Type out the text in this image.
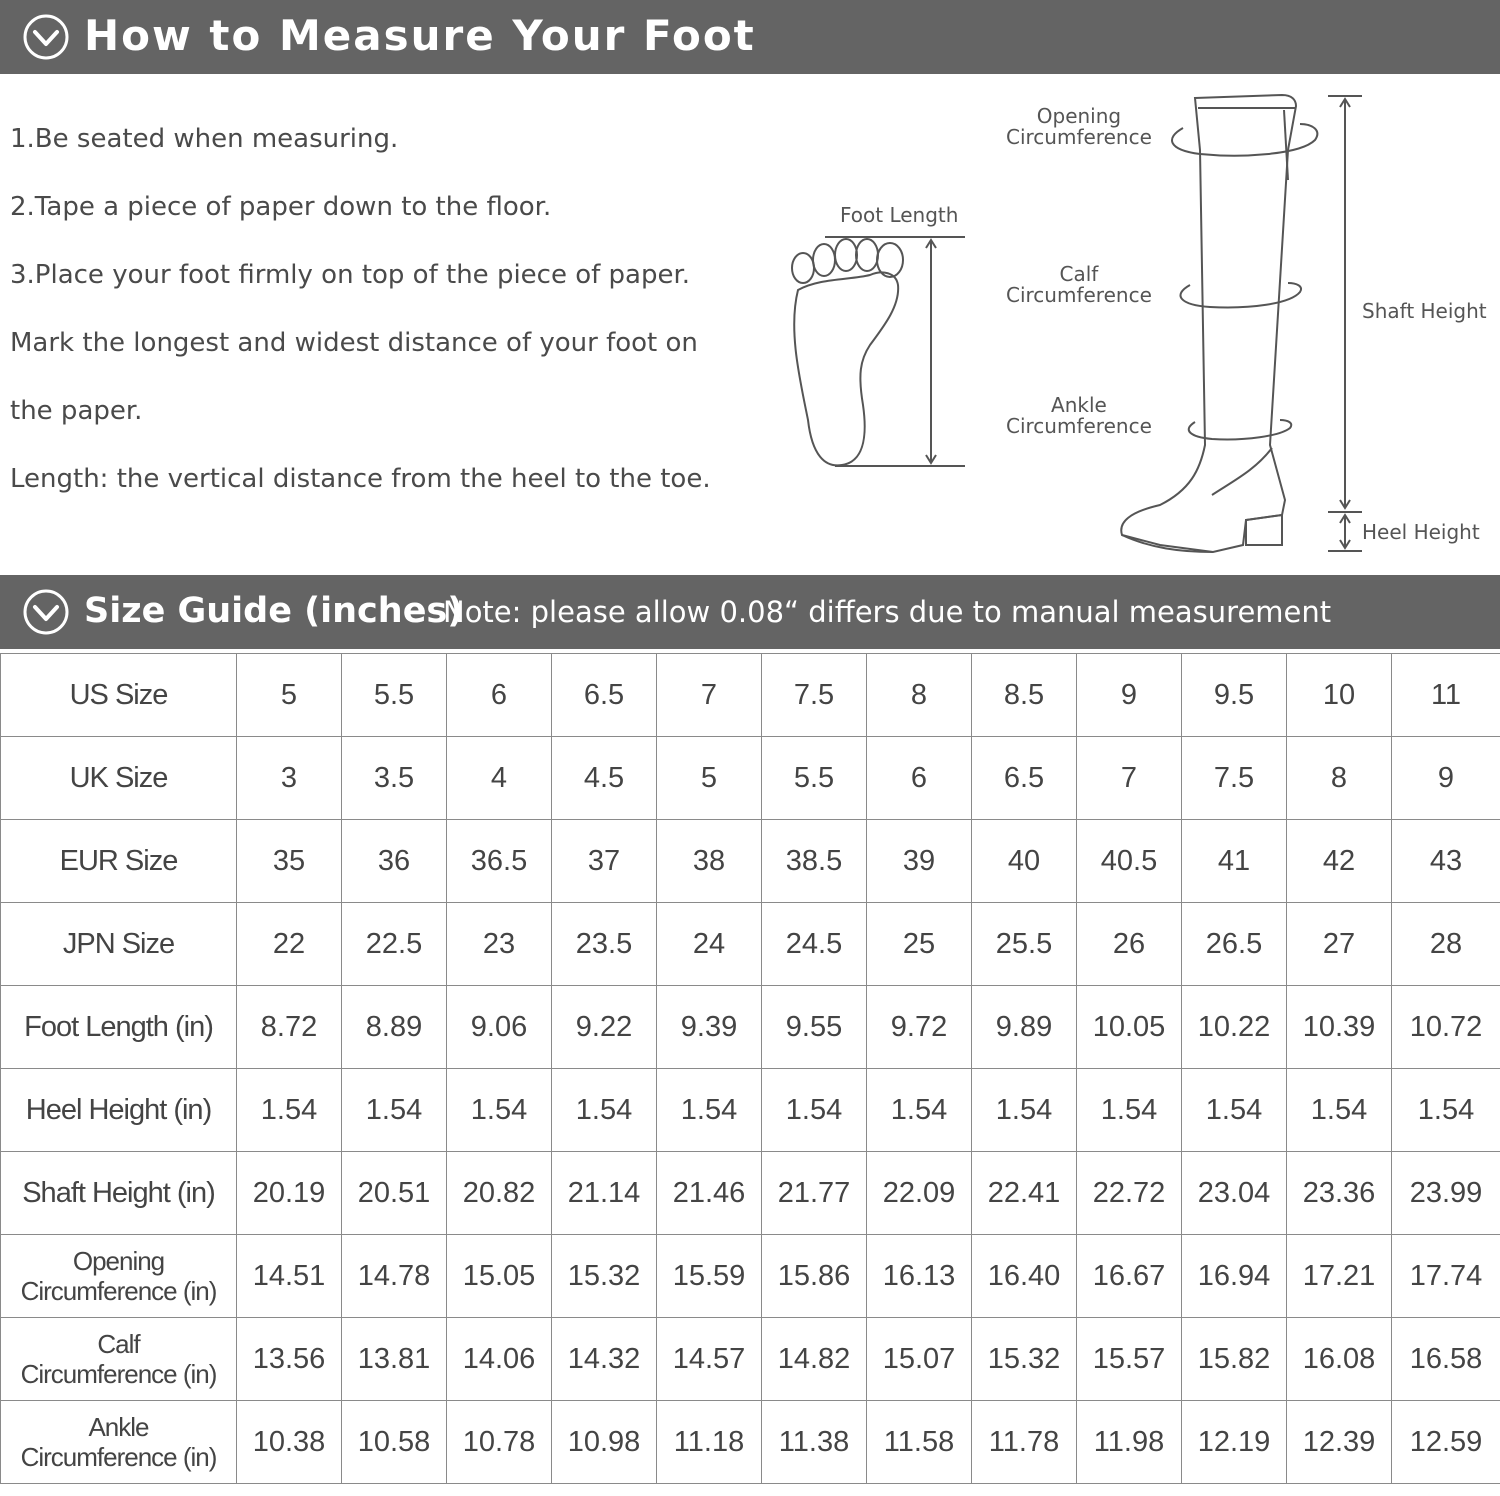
How to Measure Your Foot
1.Be seated when measuring.
2.Tape a piece of paper down to the floor.
3.Place your foot firmly on top of the piece of paper.
Mark the longest and widest distance of your foot on
the paper.
Length: the vertical distance from the heel to the toe.
Foot Length
Opening
Circumference
Calf
Circumference
Ankle
Circumference
Shaft Height
Heel Height
Size Guide (inches)
Note: please allow 0.08“ differs due to manual measurement
US Size	5	5.5	6	6.5	7	7.5	8	8.5	9	9.5	10	11

UK Size	3	3.5	4	4.5	5	5.5	6	6.5	7	7.5	8	9

EUR Size	35	36	36.5	37	38	38.5	39	40	40.5	41	42	43

JPN Size	22	22.5	23	23.5	24	24.5	25	25.5	26	26.5	27	28

Foot Length (in)	8.72	8.89	9.06	9.22	9.39	9.55	9.72	9.89	10.05	10.22	10.39	10.72

Heel Height (in)	1.54	1.54	1.54	1.54	1.54	1.54	1.54	1.54	1.54	1.54	1.54	1.54

Shaft Height (in)	20.19	20.51	20.82	21.14	21.46	21.77	22.09	22.41	22.72	23.04	23.36	23.99

Opening
Circumference (in)	14.51	14.78	15.05	15.32	15.59	15.86	16.13	16.40	16.67	16.94	17.21	17.74

Calf
Circumference (in)	13.56	13.81	14.06	14.32	14.57	14.82	15.07	15.32	15.57	15.82	16.08	16.58

Ankle
Circumference (in)	10.38	10.58	10.78	10.98	11.18	11.38	11.58	11.78	11.98	12.19	12.39	12.59
